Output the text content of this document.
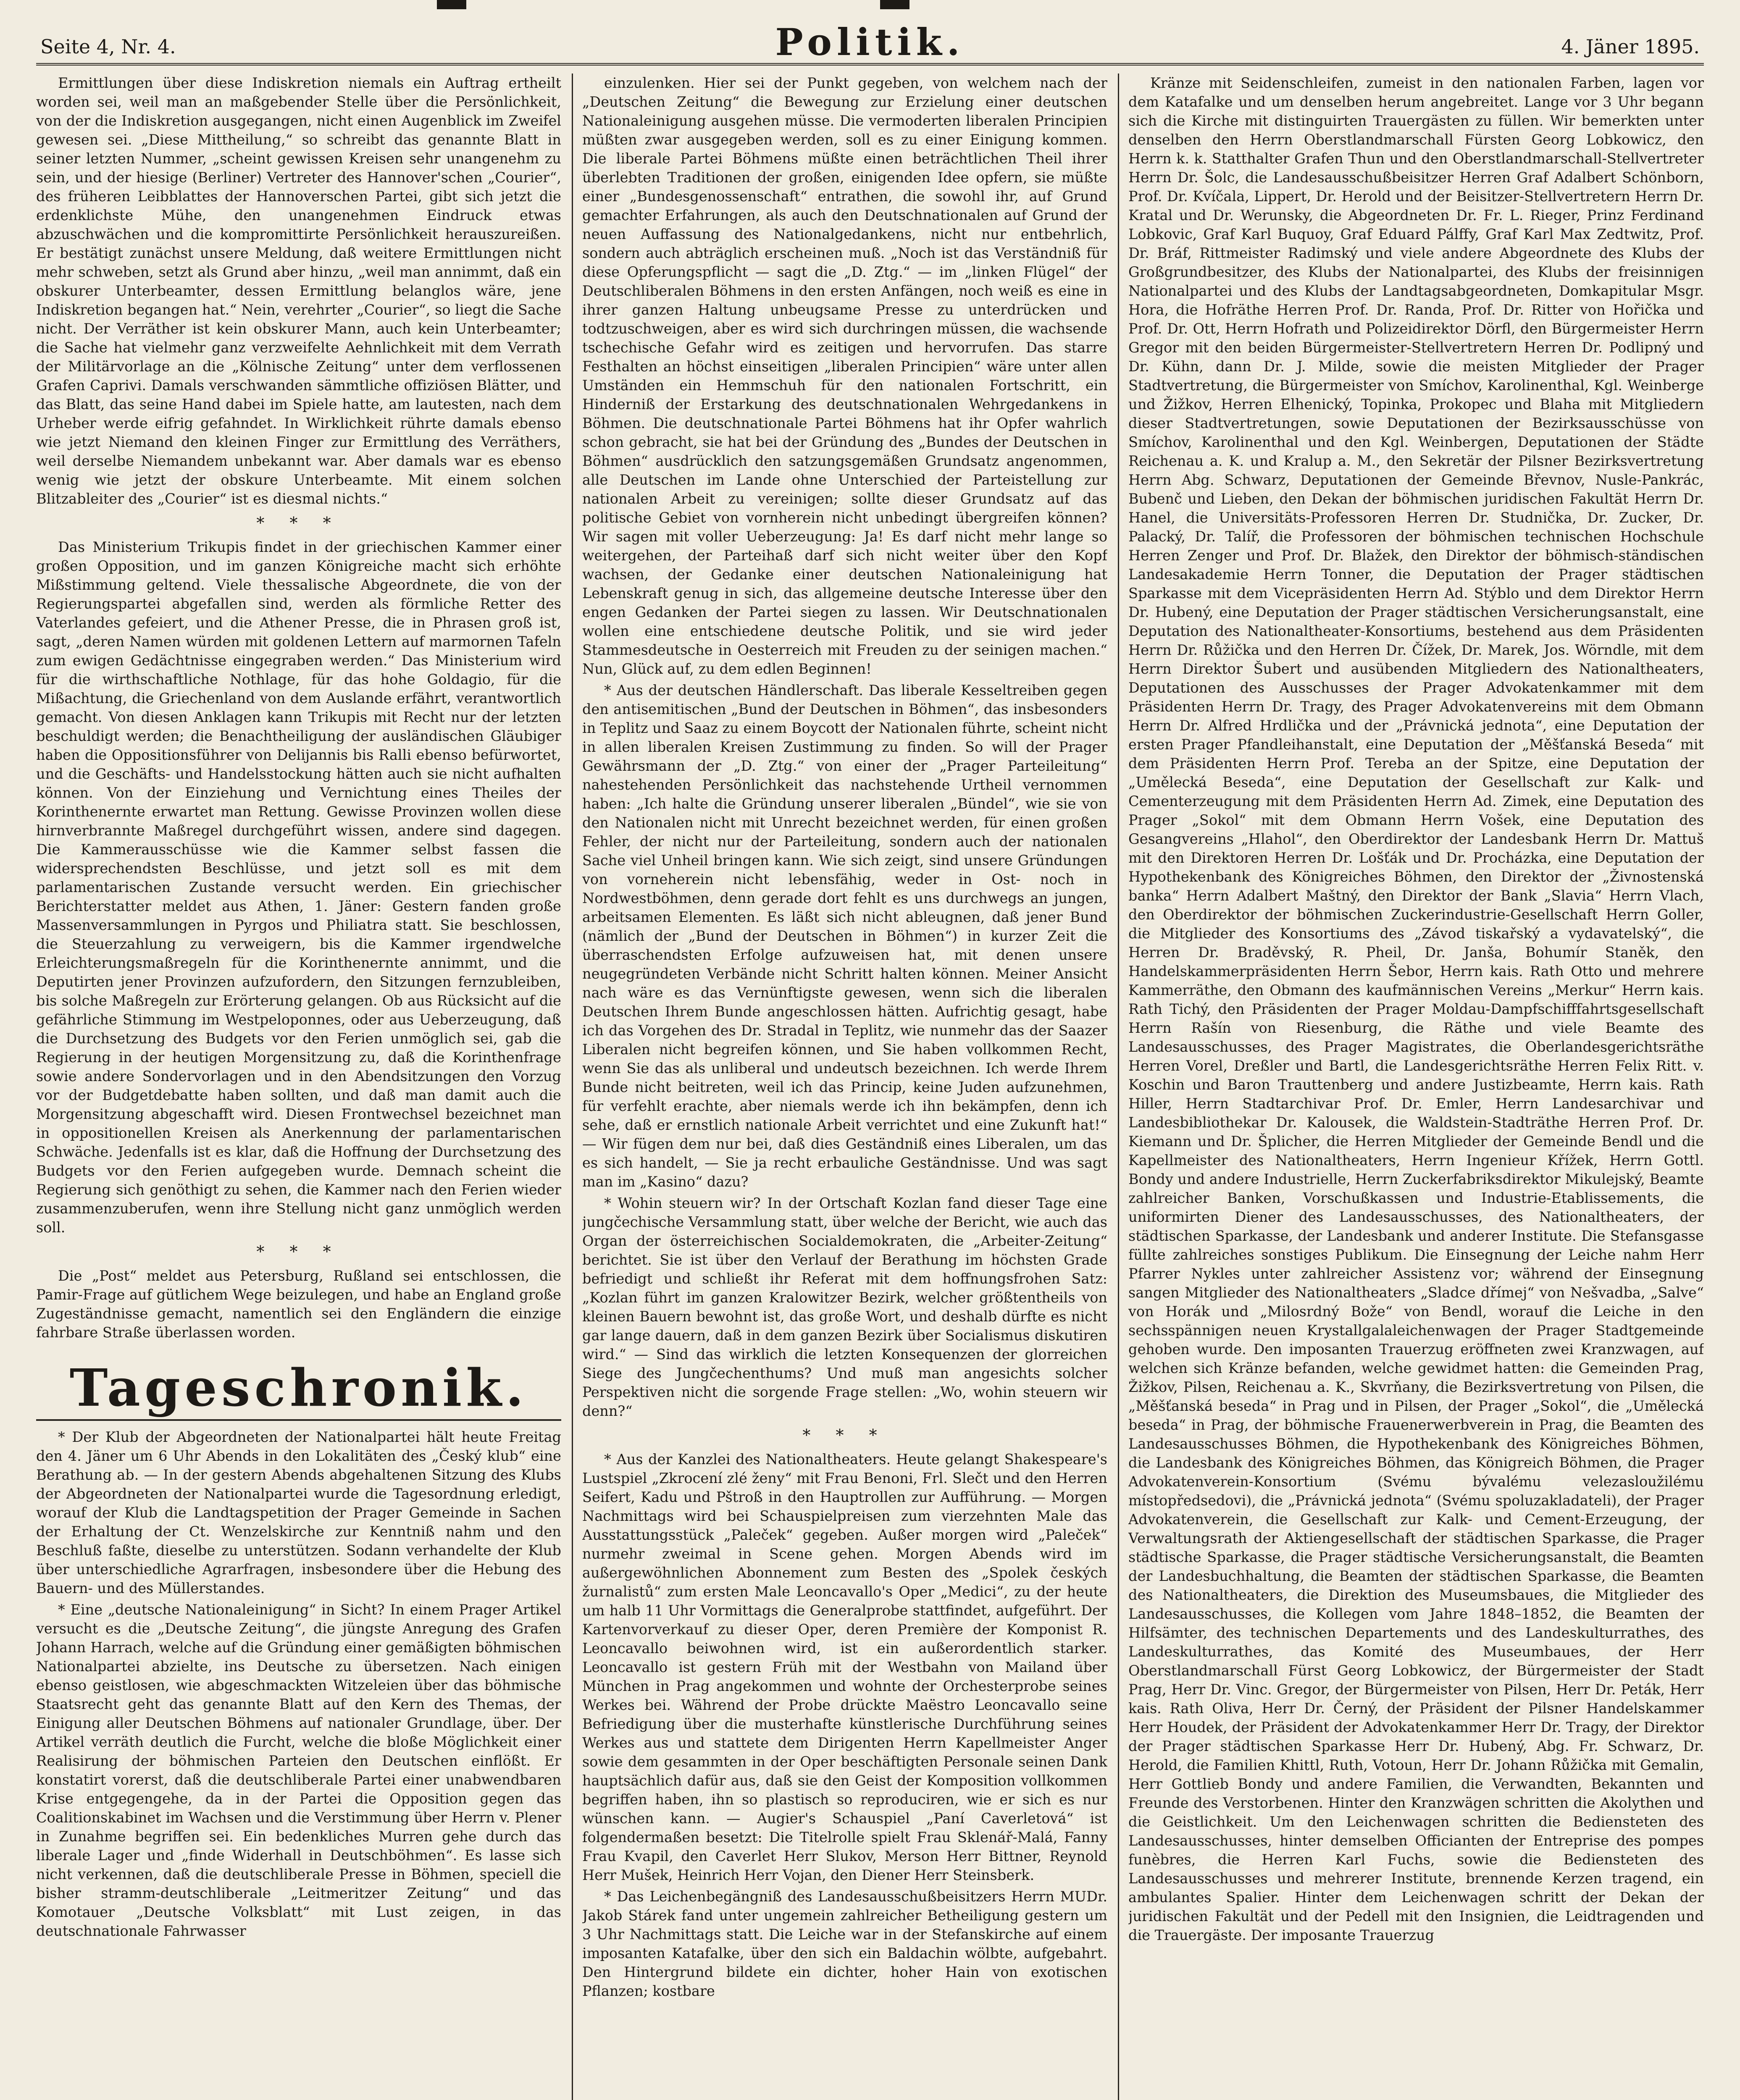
Seite 4, Nr. 4.	Politik.	4. Jäner 1895.

Ermittlungen über diese Indiskretion niemals ein Auftrag ertheilt worden sei, weil man an maßgebender Stelle über die Persönlichkeit, von der die Indiskretion ausgegangen, nicht einen Augenblick im Zweifel gewesen sei. „Diese Mittheilung,“ so schreibt das genannte Blatt in seiner letzten Nummer, „scheint gewissen Kreisen sehr unangenehm zu sein, und der hiesige (Berliner) Vertreter des Hannover'schen „Courier“, des früheren Leibblattes der Hannoverschen Partei, gibt sich jetzt die erdenklichste Mühe, den unangenehmen Eindruck etwas abzuschwächen und die kompromittirte Persönlichkeit herauszureißen. Er bestätigt zunächst unsere Meldung, daß weitere Ermittlungen nicht mehr schweben, setzt als Grund aber hinzu, „weil man annimmt, daß ein obskurer Unterbeamter, dessen Ermittlung belanglos wäre, jene Indiskretion begangen hat.“ Nein, verehrter „Courier“, so liegt die Sache nicht. Der Verräther ist kein obskurer Mann, auch kein Unterbeamter; die Sache hat vielmehr ganz verzweifelte Aehnlichkeit mit dem Verrath der Militärvorlage an die „Kölnische Zeitung“ unter dem verflossenen Grafen Caprivi. Damals verschwanden sämmtliche offiziösen Blätter, und das Blatt, das seine Hand dabei im Spiele hatte, am lautesten, nach dem Urheber werde eifrig gefahndet. In Wirklichkeit rührte damals ebenso wie jetzt Niemand den kleinen Finger zur Ermittlung des Verräthers, weil derselbe Niemandem unbekannt war. Aber damals war es ebenso wenig wie jetzt der obskure Unterbeamte. Mit einem solchen Blitzableiter des „Courier“ ist es diesmal nichts.“

* * *

Das Ministerium Trikupis findet in der griechischen Kammer einer großen Opposition, und im ganzen Königreiche macht sich erhöhte Mißstimmung geltend. Viele thessalische Abgeordnete, die von der Regierungspartei abgefallen sind, werden als förmliche Retter des Vaterlandes gefeiert, und die Athener Presse, die in Phrasen groß ist, sagt, „deren Namen würden mit goldenen Lettern auf marmornen Tafeln zum ewigen Gedächtnisse eingegraben werden.“ Das Ministerium wird für die wirthschaftliche Nothlage, für das hohe Goldagio, für die Mißachtung, die Griechenland von dem Auslande erfährt, verantwortlich gemacht. Von diesen Anklagen kann Trikupis mit Recht nur der letzten beschuldigt werden; die Benachtheiligung der ausländischen Gläubiger haben die Oppositionsführer von Delijannis bis Ralli ebenso befürwortet, und die Geschäfts- und Handelsstockung hätten auch sie nicht aufhalten können. Von der Einziehung und Vernichtung eines Theiles der Korinthenernte erwartet man Rettung. Gewisse Provinzen wollen diese hirnverbrannte Maßregel durchgeführt wissen, andere sind dagegen. Die Kammerausschüsse wie die Kammer selbst fassen die widersprechendsten Beschlüsse, und jetzt soll es mit dem parlamentarischen Zustande versucht werden. Ein griechischer Berichterstatter meldet aus Athen, 1. Jäner: Gestern fanden große Massenversammlungen in Pyrgos und Philiatra statt. Sie beschlossen, die Steuerzahlung zu verweigern, bis die Kammer irgendwelche Erleichterungsmaßregeln für die Korinthenernte annimmt, und die Deputirten jener Provinzen aufzufordern, den Sitzungen fernzubleiben, bis solche Maßregeln zur Erörterung gelangen. Ob aus Rücksicht auf die gefährliche Stimmung im Westpeloponnes, oder aus Ueberzeugung, daß die Durchsetzung des Budgets vor den Ferien unmöglich sei, gab die Regierung in der heutigen Morgensitzung zu, daß die Korinthenfrage sowie andere Sondervorlagen und in den Abendsitzungen den Vorzug vor der Budgetdebatte haben sollten, und daß man damit auch die Morgensitzung abgeschafft wird. Diesen Frontwechsel bezeichnet man in oppositionellen Kreisen als Anerkennung der parlamentarischen Schwäche. Jedenfalls ist es klar, daß die Hoffnung der Durchsetzung des Budgets vor den Ferien aufgegeben wurde. Demnach scheint die Regierung sich genöthigt zu sehen, die Kammer nach den Ferien wieder zusammenzuberufen, wenn ihre Stellung nicht ganz unmöglich werden soll.

* * *

Die „Post“ meldet aus Petersburg, Rußland sei entschlossen, die Pamir-Frage auf gütlichem Wege beizulegen, und habe an England große Zugeständnisse gemacht, namentlich sei den Engländern die einzige fahrbare Straße überlassen worden.

Tageschronik.

* Der Klub der Abgeordneten der Nationalpartei hält heute Freitag den 4. Jäner um 6 Uhr Abends in den Lokalitäten des „Český klub“ eine Berathung ab. — In der gestern Abends abgehaltenen Sitzung des Klubs der Abgeordneten der Nationalpartei wurde die Tagesordnung erledigt, worauf der Klub die Landtagspetition der Prager Gemeinde in Sachen der Erhaltung der Ct. Wenzelskirche zur Kenntniß nahm und den Beschluß faßte, dieselbe zu unterstützen. Sodann verhandelte der Klub über unterschiedliche Agrarfragen, insbesondere über die Hebung des Bauern- und des Müllerstandes.

* Eine „deutsche Nationaleinigung“ in Sicht? In einem Prager Artikel versucht es die „Deutsche Zeitung“, die jüngste Anregung des Grafen Johann Harrach, welche auf die Gründung einer gemäßigten böhmischen Nationalpartei abzielte, ins Deutsche zu übersetzen. Nach einigen ebenso geistlosen, wie abgeschmackten Witzeleien über das böhmische Staatsrecht geht das genannte Blatt auf den Kern des Themas, der Einigung aller Deutschen Böhmens auf nationaler Grundlage, über. Der Artikel verräth deutlich die Furcht, welche die bloße Möglichkeit einer Realisirung der böhmischen Parteien den Deutschen einflößt. Er konstatirt vorerst, daß die deutschliberale Partei einer unabwendbaren Krise entgegengehe, da in der Partei die Opposition gegen das Coalitionskabinet im Wachsen und die Verstimmung über Herrn v. Plener in Zunahme begriffen sei. Ein bedenkliches Murren gehe durch das liberale Lager und „finde Widerhall in Deutschböhmen“. Es lasse sich nicht verkennen, daß die deutschliberale Presse in Böhmen, speciell die bisher stramm-deutschliberale „Leitmeritzer Zeitung“ und das Komotauer „Deutsche Volksblatt“ mit Lust zeigen, in das deutschnationale Fahrwasser

einzulenken. Hier sei der Punkt gegeben, von welchem nach der „Deutschen Zeitung“ die Bewegung zur Erzielung einer deutschen Nationaleinigung ausgehen müsse. Die vermoderten liberalen Principien müßten zwar ausgegeben werden, soll es zu einer Einigung kommen. Die liberale Partei Böhmens müßte einen beträchtlichen Theil ihrer überlebten Traditionen der großen, einigenden Idee opfern, sie müßte einer „Bundesgenossenschaft“ entrathen, die sowohl ihr, auf Grund gemachter Erfahrungen, als auch den Deutschnationalen auf Grund der neuen Auffassung des Nationalgedankens, nicht nur entbehrlich, sondern auch abträglich erscheinen muß. „Noch ist das Verständniß für diese Opferungspflicht — sagt die „D. Ztg.“ — im „linken Flügel“ der Deutschliberalen Böhmens in den ersten Anfängen, noch weiß es eine in ihrer ganzen Haltung unbeugsame Presse zu unterdrücken und todtzuschweigen, aber es wird sich durchringen müssen, die wachsende tschechische Gefahr wird es zeitigen und hervorrufen. Das starre Festhalten an höchst einseitigen „liberalen Principien“ wäre unter allen Umständen ein Hemmschuh für den nationalen Fortschritt, ein Hinderniß der Erstarkung des deutschnationalen Wehrgedankens in Böhmen. Die deutschnationale Partei Böhmens hat ihr Opfer wahrlich schon gebracht, sie hat bei der Gründung des „Bundes der Deutschen in Böhmen“ ausdrücklich den satzungsgemäßen Grundsatz angenommen, alle Deutschen im Lande ohne Unterschied der Parteistellung zur nationalen Arbeit zu vereinigen; sollte dieser Grundsatz auf das politische Gebiet von vornherein nicht unbedingt übergreifen können? Wir sagen mit voller Ueberzeugung: Ja! Es darf nicht mehr lange so weitergehen, der Parteihaß darf sich nicht weiter über den Kopf wachsen, der Gedanke einer deutschen Nationaleinigung hat Lebenskraft genug in sich, das allgemeine deutsche Interesse über den engen Gedanken der Partei siegen zu lassen. Wir Deutschnationalen wollen eine entschiedene deutsche Politik, und sie wird jeder Stammesdeutsche in Oesterreich mit Freuden zu der seinigen machen.“ Nun, Glück auf, zu dem edlen Beginnen!

* Aus der deutschen Händlerschaft. Das liberale Kesseltreiben gegen den antisemitischen „Bund der Deutschen in Böhmen“, das insbesonders in Teplitz und Saaz zu einem Boycott der Nationalen führte, scheint nicht in allen liberalen Kreisen Zustimmung zu finden. So will der Prager Gewährsmann der „D. Ztg.“ von einer der „Prager Parteileitung“ nahestehenden Persönlichkeit das nachstehende Urtheil vernommen haben: „Ich halte die Gründung unserer liberalen „Bündel“, wie sie von den Nationalen nicht mit Unrecht bezeichnet werden, für einen großen Fehler, der nicht nur der Parteileitung, sondern auch der nationalen Sache viel Unheil bringen kann. Wie sich zeigt, sind unsere Gründungen von vorneherein nicht lebensfähig, weder in Ost- noch in Nordwestböhmen, denn gerade dort fehlt es uns durchwegs an jungen, arbeitsamen Elementen. Es läßt sich nicht ableugnen, daß jener Bund (nämlich der „Bund der Deutschen in Böhmen“) in kurzer Zeit die überraschendsten Erfolge aufzuweisen hat, mit denen unsere neugegründeten Verbände nicht Schritt halten können. Meiner Ansicht nach wäre es das Vernünftigste gewesen, wenn sich die liberalen Deutschen Ihrem Bunde angeschlossen hätten. Aufrichtig gesagt, habe ich das Vorgehen des Dr. Stradal in Teplitz, wie nunmehr das der Saazer Liberalen nicht begreifen können, und Sie haben vollkommen Recht, wenn Sie das als unliberal und undeutsch bezeichnen. Ich werde Ihrem Bunde nicht beitreten, weil ich das Princip, keine Juden aufzunehmen, für verfehlt erachte, aber niemals werde ich ihn bekämpfen, denn ich sehe, daß er ernstlich nationale Arbeit verrichtet und eine Zukunft hat!“ — Wir fügen dem nur bei, daß dies Geständniß eines Liberalen, um das es sich handelt, — Sie ja recht erbauliche Geständnisse. Und was sagt man im „Kasino“ dazu?

* Wohin steuern wir? In der Ortschaft Kozlan fand dieser Tage eine jungčechische Versammlung statt, über welche der Bericht, wie auch das Organ der österreichischen Socialdemokraten, die „Arbeiter-Zeitung“ berichtet. Sie ist über den Verlauf der Berathung im höchsten Grade befriedigt und schließt ihr Referat mit dem hoffnungsfrohen Satz: „Kozlan führt im ganzen Kralowitzer Bezirk, welcher größtentheils von kleinen Bauern bewohnt ist, das große Wort, und deshalb dürfte es nicht gar lange dauern, daß in dem ganzen Bezirk über Socialismus diskutiren wird.“ — Sind das wirklich die letzten Konsequenzen der glorreichen Siege des Jungčechenthums? Und muß man angesichts solcher Perspektiven nicht die sorgende Frage stellen: „Wo, wohin steuern wir denn?“

* * *

* Aus der Kanzlei des Nationaltheaters. Heute gelangt Shakespeare's Lustspiel „Zkrocení zlé ženy“ mit Frau Benoni, Frl. Slečt und den Herren Seifert, Kadu und Pštroß in den Hauptrollen zur Aufführung. — Morgen Nachmittags wird bei Schauspielpreisen zum vierzehnten Male das Ausstattungsstück „Paleček“ gegeben. Außer morgen wird „Paleček“ nurmehr zweimal in Scene gehen. Morgen Abends wird im außergewöhnlichen Abonnement zum Besten des „Spolek českých žurnalistů“ zum ersten Male Leoncavallo's Oper „Medici“, zu der heute um halb 11 Uhr Vormittags die Generalprobe stattfindet, aufgeführt. Der Kartenvorverkauf zu dieser Oper, deren Première der Komponist R. Leoncavallo beiwohnen wird, ist ein außerordentlich starker. Leoncavallo ist gestern Früh mit der Westbahn von Mailand über München in Prag angekommen und wohnte der Orchesterprobe seines Werkes bei. Während der Probe drückte Maëstro Leoncavallo seine Befriedigung über die musterhafte künstlerische Durchführung seines Werkes aus und stattete dem Dirigenten Herrn Kapellmeister Anger sowie dem gesammten in der Oper beschäftigten Personale seinen Dank hauptsächlich dafür aus, daß sie den Geist der Komposition vollkommen begriffen haben, ihn so plastisch so reproduciren, wie er sich es nur wünschen kann. — Augier's Schauspiel „Paní Caverletová“ ist folgendermaßen besetzt: Die Titelrolle spielt Frau Sklenář-Malá, Fanny Frau Kvapil, den Caverlet Herr Slukov, Merson Herr Bittner, Reynold Herr Mušek, Heinrich Herr Vojan, den Diener Herr Steinsberk.

* Das Leichenbegängniß des Landesausschußbeisitzers Herrn MUDr. Jakob Stárek fand unter ungemein zahlreicher Betheiligung gestern um 3 Uhr Nachmittags statt. Die Leiche war in der Stefanskirche auf einem imposanten Katafalke, über den sich ein Baldachin wölbte, aufgebahrt. Den Hintergrund bildete ein dichter, hoher Hain von exotischen Pflanzen; kostbare

Kränze mit Seidenschleifen, zumeist in den nationalen Farben, lagen vor dem Katafalke und um denselben herum angebreitet. Lange vor 3 Uhr begann sich die Kirche mit distinguirten Trauergästen zu füllen. Wir bemerkten unter denselben den Herrn Oberstlandmarschall Fürsten Georg Lobkowicz, den Herrn k. k. Statthalter Grafen Thun und den Oberstlandmarschall-Stellvertreter Herrn Dr. Šolc, die Landesausschußbeisitzer Herren Graf Adalbert Schönborn, Prof. Dr. Kvíčala, Lippert, Dr. Herold und der Beisitzer-Stellvertretern Herrn Dr. Kratal und Dr. Werunsky, die Abgeordneten Dr. Fr. L. Rieger, Prinz Ferdinand Lobkovic, Graf Karl Buquoy, Graf Eduard Pálffy, Graf Karl Max Zedtwitz, Prof. Dr. Bráf, Rittmeister Radimský und viele andere Abgeordnete des Klubs der Großgrundbesitzer, des Klubs der Nationalpartei, des Klubs der freisinnigen Nationalpartei und des Klubs der Landtagsabgeordneten, Domkapitular Msgr. Hora, die Hofräthe Herren Prof. Dr. Randa, Prof. Dr. Ritter von Hořička und Prof. Dr. Ott, Herrn Hofrath und Polizeidirektor Dörfl, den Bürgermeister Herrn Gregor mit den beiden Bürgermeister-Stellvertretern Herren Dr. Podlipný und Dr. Kühn, dann Dr. J. Milde, sowie die meisten Mitglieder der Prager Stadtvertretung, die Bürgermeister von Smíchov, Karolinenthal, Kgl. Weinberge und Žižkov, Herren Elhenický, Topinka, Prokopec und Blaha mit Mitgliedern dieser Stadtvertretungen, sowie Deputationen der Bezirksausschüsse von Smíchov, Karolinenthal und den Kgl. Weinbergen, Deputationen der Städte Reichenau a. K. und Kralup a. M., den Sekretär der Pilsner Bezirksvertretung Herrn Abg. Schwarz, Deputationen der Gemeinde Břevnov, Nusle-Pankrác, Bubenč und Lieben, den Dekan der böhmischen juridischen Fakultät Herrn Dr. Hanel, die Universitäts-Professoren Herren Dr. Studnička, Dr. Zucker, Dr. Palacký, Dr. Talíř, die Professoren der böhmischen technischen Hochschule Herren Zenger und Prof. Dr. Blažek, den Direktor der böhmisch-ständischen Landesakademie Herrn Tonner, die Deputation der Prager städtischen Sparkasse mit dem Vicepräsidenten Herrn Ad. Stýblo und dem Direktor Herrn Dr. Hubený, eine Deputation der Prager städtischen Versicherungsanstalt, eine Deputation des Nationaltheater-Konsortiums, bestehend aus dem Präsidenten Herrn Dr. Růžička und den Herren Dr. Čížek, Dr. Marek, Jos. Wörndle, mit dem Herrn Direktor Šubert und ausübenden Mitgliedern des Nationaltheaters, Deputationen des Ausschusses der Prager Advokatenkammer mit dem Präsidenten Herrn Dr. Tragy, des Prager Advokatenvereins mit dem Obmann Herrn Dr. Alfred Hrdlička und der „Právnická jednota“, eine Deputation der ersten Prager Pfandleihanstalt, eine Deputation der „Měšťanská Beseda“ mit dem Präsidenten Herrn Prof. Tereba an der Spitze, eine Deputation der „Umělecká Beseda“, eine Deputation der Gesellschaft zur Kalk- und Cementerzeugung mit dem Präsidenten Herrn Ad. Zimek, eine Deputation des Prager „Sokol“ mit dem Obmann Herrn Vošek, eine Deputation des Gesangvereins „Hlahol“, den Oberdirektor der Landesbank Herrn Dr. Mattuš mit den Direktoren Herren Dr. Lošťák und Dr. Procházka, eine Deputation der Hypothekenbank des Königreiches Böhmen, den Direktor der „Živnostenská banka“ Herrn Adalbert Maštný, den Direktor der Bank „Slavia“ Herrn Vlach, den Oberdirektor der böhmischen Zuckerindustrie-Gesellschaft Herrn Goller, die Mitglieder des Konsortiums des „Závod tiskařský a vydavatelský“, die Herren Dr. Braděvský, R. Pheil, Dr. Janša, Bohumír Staněk, den Handelskammerpräsidenten Herrn Šebor, Herrn kais. Rath Otto und mehrere Kammerräthe, den Obmann des kaufmännischen Vereins „Merkur“ Herrn kais. Rath Tichý, den Präsidenten der Prager Moldau-Dampfschifffahrtsgesellschaft Herrn Rašín von Riesenburg, die Räthe und viele Beamte des Landesausschusses, des Prager Magistrates, die Oberlandesgerichtsräthe Herren Vorel, Dreßler und Bartl, die Landesgerichtsräthe Herren Felix Ritt. v. Koschin und Baron Trauttenberg und andere Justizbeamte, Herrn kais. Rath Hiller, Herrn Stadtarchivar Prof. Dr. Emler, Herrn Landesarchivar und Landesbibliothekar Dr. Kalousek, die Waldstein-Stadträthe Herren Prof. Dr. Kiemann und Dr. Šplicher, die Herren Mitglieder der Gemeinde Bendl und die Kapellmeister des Nationaltheaters, Herrn Ingenieur Křížek, Herrn Gottl. Bondy und andere Industrielle, Herrn Zuckerfabriksdirektor Mikulejský, Beamte zahlreicher Banken, Vorschußkassen und Industrie-Etablissements, die uniformirten Diener des Landesausschusses, des Nationaltheaters, der städtischen Sparkasse, der Landesbank und anderer Institute. Die Stefansgasse füllte zahlreiches sonstiges Publikum. Die Einsegnung der Leiche nahm Herr Pfarrer Nykles unter zahlreicher Assistenz vor; während der Einsegnung sangen Mitglieder des Nationaltheaters „Sladce dřímej“ von Nešvadba, „Salve“ von Horák und „Milosrdný Bože“ von Bendl, worauf die Leiche in den sechsspännigen neuen Krystallgalaleichenwagen der Prager Stadtgemeinde gehoben wurde. Den imposanten Trauerzug eröffneten zwei Kranzwagen, auf welchen sich Kränze befanden, welche gewidmet hatten: die Gemeinden Prag, Žižkov, Pilsen, Reichenau a. K., Skvrňany, die Bezirksvertretung von Pilsen, die „Měšťanská beseda“ in Prag und in Pilsen, der Prager „Sokol“, die „Umělecká beseda“ in Prag, der böhmische Frauenerwerbverein in Prag, die Beamten des Landesausschusses Böhmen, die Hypothekenbank des Königreiches Böhmen, die Landesbank des Königreiches Böhmen, das Königreich Böhmen, die Prager Advokatenverein-Konsortium (Svému bývalému velezasloužilému místopředsedovi), die „Právnická jednota“ (Svému spoluzakladateli), der Prager Advokatenverein, die Gesellschaft zur Kalk- und Cement-Erzeugung, der Verwaltungsrath der Aktiengesellschaft der städtischen Sparkasse, die Prager städtische Sparkasse, die Prager städtische Versicherungsanstalt, die Beamten der Landesbuchhaltung, die Beamten der städtischen Sparkasse, die Beamten des Nationaltheaters, die Direktion des Museumsbaues, die Mitglieder des Landesausschusses, die Kollegen vom Jahre 1848–1852, die Beamten der Hilfsämter, des technischen Departements und des Landeskulturrathes, des Landeskulturrathes, das Komité des Museumbaues, der Herr Oberstlandmarschall Fürst Georg Lobkowicz, der Bürgermeister der Stadt Prag, Herr Dr. Vinc. Gregor, der Bürgermeister von Pilsen, Herr Dr. Peták, Herr kais. Rath Oliva, Herr Dr. Černý, der Präsident der Pilsner Handelskammer Herr Houdek, der Präsident der Advokatenkammer Herr Dr. Tragy, der Direktor der Prager städtischen Sparkasse Herr Dr. Hubený, Abg. Fr. Schwarz, Dr. Herold, die Familien Khittl, Ruth, Votoun, Herr Dr. Johann Růžička mit Gemalin, Herr Gottlieb Bondy und andere Familien, die Verwandten, Bekannten und Freunde des Verstorbenen. Hinter den Kranzwägen schritten die Akolythen und die Geistlichkeit. Um den Leichenwagen schritten die Bediensteten des Landesausschusses, hinter demselben Officianten der Entreprise des pompes funèbres, die Herren Karl Fuchs, sowie die Bediensteten des Landesausschusses und mehrerer Institute, brennende Kerzen tragend, ein ambulantes Spalier. Hinter dem Leichenwagen schritt der Dekan der juridischen Fakultät und der Pedell mit den Insignien, die Leidtragenden und die Trauergäste. Der imposante Trauerzug
